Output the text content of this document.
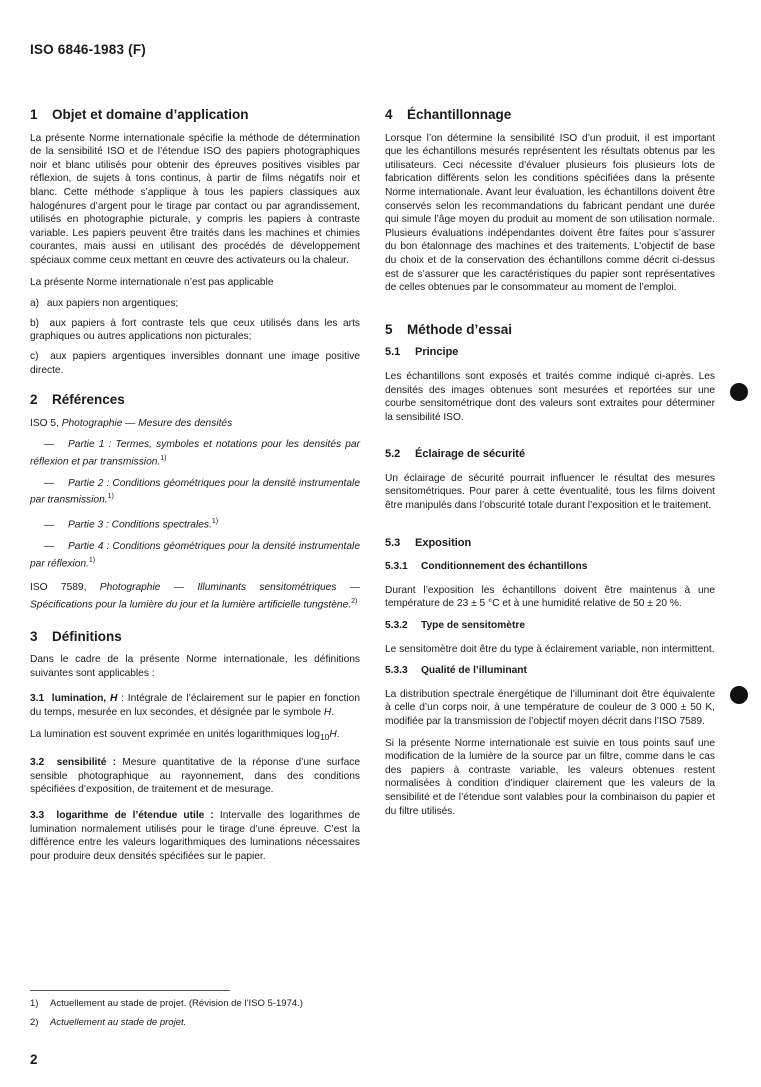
ISO 6846-1983 (F)
1 Objet et domaine d’application

La présente Norme internationale spécifie la méthode de détermination de la sensibilité ISO et de l’étendue ISO des papiers photographiques noir et blanc utilisés pour obtenir des épreuves positives visibles par réflexion, de sujets à tons continus, à partir de films négatifs noir et blanc. Cette méthode s’applique à tous les papiers classiques aux halogénures d’argent pour le tirage par contact ou par agrandissement, utilisés en photographie picturale, y compris les papiers à contraste variable. Les papiers peuvent être traités dans les machines et chimies courantes, mais aussi en utilisant des procédés de développement spéciaux comme ceux mettant en œuvre des activateurs ou la chaleur.

La présente Norme internationale n’est pas applicable

a) aux papiers non argentiques;

b) aux papiers à fort contraste tels que ceux utilisés dans les arts graphiques ou autres applications non picturales;

c) aux papiers argentiques inversibles donnant une image positive directe.

2 Références

ISO 5, Photographie — Mesure des densités

— Partie 1 : Termes, symboles et notations pour les densités par réflexion et par transmission.$^{1)}$

— Partie 2 : Conditions géométriques pour la densité instrumentale par transmission.$^{1)}$

— Partie 3 : Conditions spectrales.$^{1)}$

— Partie 4 : Conditions géométriques pour la densité instrumentale par réflexion.$^{1)}$

ISO 7589, Photographie — Illuminants sensitométriques — Spécifications pour la lumière du jour et la lumière artificielle tungstène.$^{2)}$

3 Définitions

Dans le cadre de la présente Norme internationale, les définitions suivantes sont applicables :

3.1 lumination, H : Intégrale de l’éclairement sur le papier en fonction du temps, mesurée en lux secondes, et désignée par le symbole H.

La lumination est souvent exprimée en unités logarithmiques $\log_{10}H$.

3.2 sensibilité : Mesure quantitative de la réponse d’une surface sensible photographique au rayonnement, dans des conditions spécifiées d’exposition, de traitement et de mesurage.

3.3 logarithme de l’étendue utile : Intervalle des logarithmes de lumination normalement utilisés pour le tirage d’une épreuve. C’est la différence entre les valeurs logarithmiques des luminations nécessaires pour produire deux densités spécifiées sur le papier.

4 Échantillonnage

Lorsque l’on détermine la sensibilité ISO d’un produit, il est important que les échantillons mesurés représentent les résultats obtenus par les utilisateurs. Ceci nécessite d’évaluer plusieurs fois plusieurs lots de fabrication différents selon les conditions spécifiées dans la présente Norme internationale. Avant leur évaluation, les échantillons doivent être conservés selon les recommandations du fabricant pendant une durée qui simule l’âge moyen du produit au moment de son utilisation normale. Plusieurs évaluations indépendantes doivent être faites pour s’assurer du bon étalonnage des machines et des traitements. L’objectif de base du choix et de la conservation des échantillons comme décrit ci-dessus est de s’assurer que les caractéristiques du papier sont représentatives de celles obtenues par le consommateur au moment de l’emploi.

5 Méthode d’essai
5.1 Principe

Les échantillons sont exposés et traités comme indiqué ci-après. Les densités des images obtenues sont mesurées et reportées sur une courbe sensitométrique dont des valeurs sont extraites pour déterminer la sensibilité ISO.

5.2 Éclairage de sécurité

Un éclairage de sécurité pourrait influencer le résultat des mesures sensitométriques. Pour parer à cette éventualité, tous les films doivent être manipulés dans l’obscurité totale durant l’exposition et le traitement.

5.3 Exposition
5.3.1 Conditionnement des échantillons

Durant l’exposition les échantillons doivent être maintenus à une température de 23 ± 5 °C et à une humidité relative de 50 ± 20 %.

5.3.2 Type de sensitomètre

Le sensitomètre doit être du type à éclairement variable, non intermittent.

5.3.3 Qualité de l’illuminant

La distribution spectrale énergétique de l’illuminant doit être équivalente à celle d’un corps noir, à une température de couleur de 3 000 ± 50 K, modifiée par la transmission de l’objectif moyen décrit dans l’ISO 7589.

Si la présente Norme internationale est suivie en tous points sauf une modification de la lumière de la source par un filtre, comme dans le cas des papiers à contraste variable, les valeurs obtenues restent normalisées à condition d’indiquer clairement que les valeurs de la sensibilité et de l’étendue sont valables pour la combinaison du papier et du filtre utilisés.

1) Actuellement au stade de projet. (Révision de l’ISO 5-1974.)

2) Actuellement au stade de projet.

2
